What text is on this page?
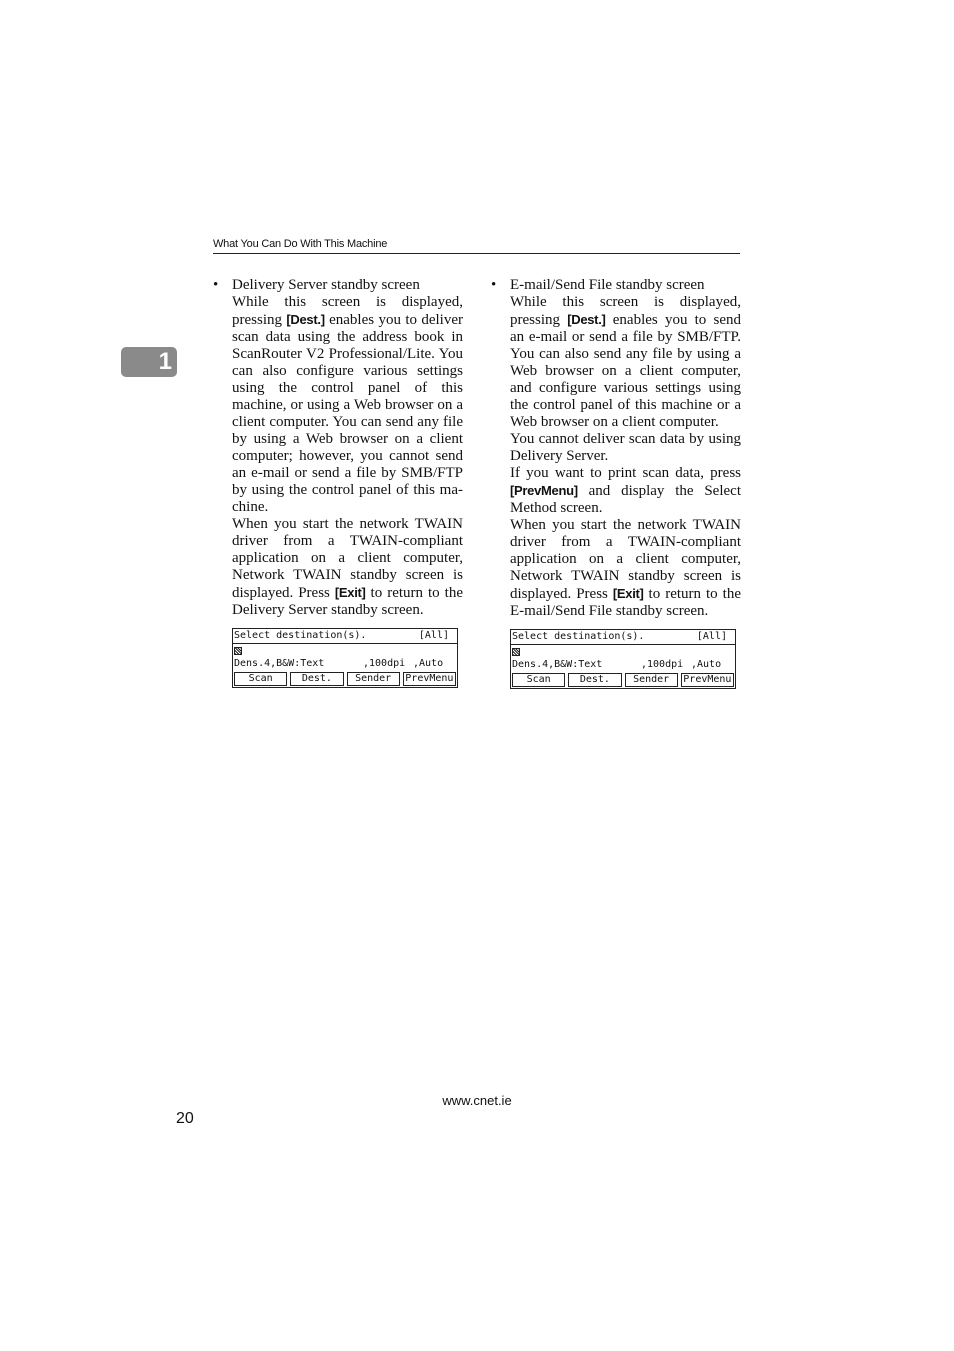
What You Can Do With This Machine
1
• Delivery Server standby screen

While this screen is displayed, pressing [Dest.] enables you to deliver scan data using the address book in ScanRouter V2 Professional/Lite. You can also configure various settings using the control panel of this machine, or using a Web browser on a client computer. You can send any file by using a Web browser on a client computer; however, you cannot send an e-mail or send a file by SMB/FTP by using the control panel of this machine.

When you start the network TWAIN driver from a TWAIN-compliant application on a client computer, Network TWAIN standby screen is displayed. Press [Exit] to return to the Delivery Server standby screen.

Select destination(s).

	[All]

Dens.4,B&W:Text	,100dpi ,Auto
Scan	Dest.	Sender	PrevMenu
• E-mail/Send File standby screen

While this screen is displayed, pressing [Dest.] enables you to send an e-mail or send a file by SMB/FTP. You can also send any file by using a Web browser on a client computer, and configure various settings using the control panel of this machine or a Web browser on a client computer.

You cannot deliver scan data by using Delivery Server.

If you want to print scan data, press [PrevMenu] and display the Select Method screen.

When you start the network TWAIN driver from a TWAIN-compliant application on a client computer, Network TWAIN standby screen is displayed. Press [Exit] to return to the E-mail/Send File standby screen.

Select destination(s).

	[All]

Dens.4,B&W:Text	,100dpi ,Auto
Scan	Dest.	Sender	PrevMenu
www.cnet.ie
20
